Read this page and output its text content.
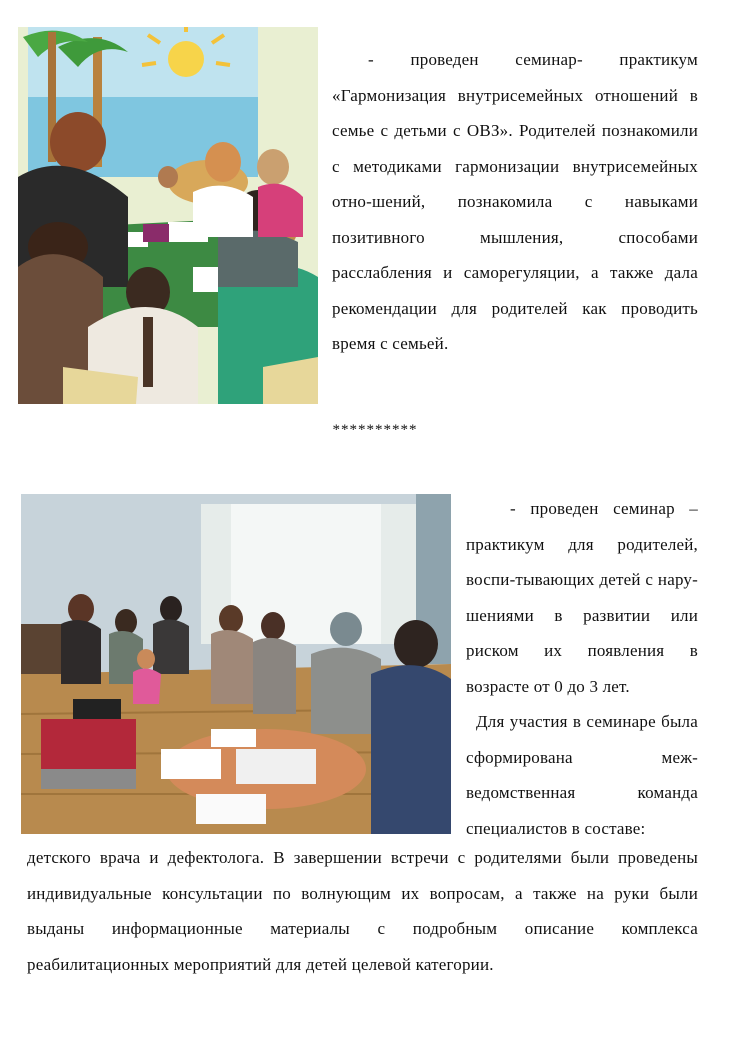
- проведен семинар- практикум «Гармонизация внутрисемейных отношений в семье с детьми с ОВЗ». Родителей познакомили с методиками гармонизации внутрисемейных отно-шений, познакомила с навыками позитивного мышления, способами расслабления и саморегуляции, а также дала рекомендации для родителей как проводить время с семьей.

**********

- проведен семинар – практикум для родителей, воспи-тывающих детей с нару-шениями в развитии или риском их появления в возрасте от 0 до 3 лет.

Для участия в семинаре была сформирована меж-ведомственная команда специалистов в составе:

детского врача и дефектолога. В завершении встречи с родителями были проведены индивидуальные консультации по волнующим их вопросам, а также на руки были выданы информационные материалы с подробным описание комплекса реабилитационных мероприятий для детей целевой категории.
